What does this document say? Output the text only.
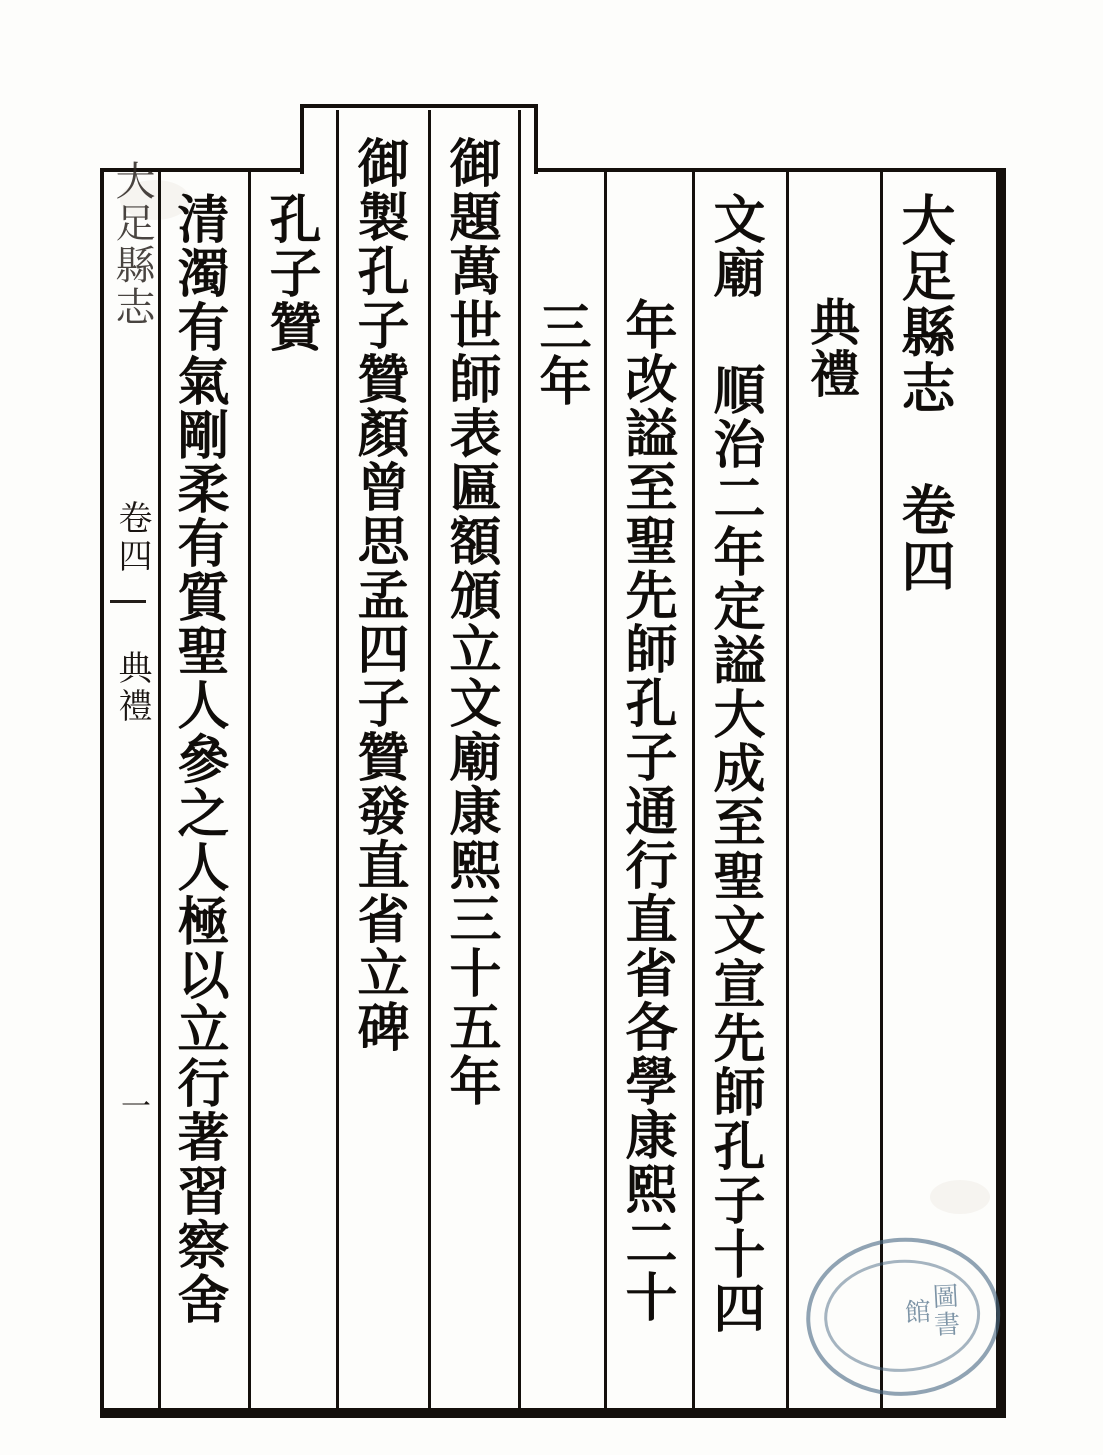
大足縣志 卷四
典禮
文廟 順治二年定謚大成至聖文宣先師孔子十四
年改謚至聖先師孔子通行直省各學康熙二十
三年
御題萬世師表匾額頒立文廟康熙三十五年
御製孔子贊顏曾思孟四子贊發直省立碑
孔子贊
清濁有氣剛柔有質聖人參之人極以立行著習察舍
大足縣志
卷四
典禮
一
圖書館
